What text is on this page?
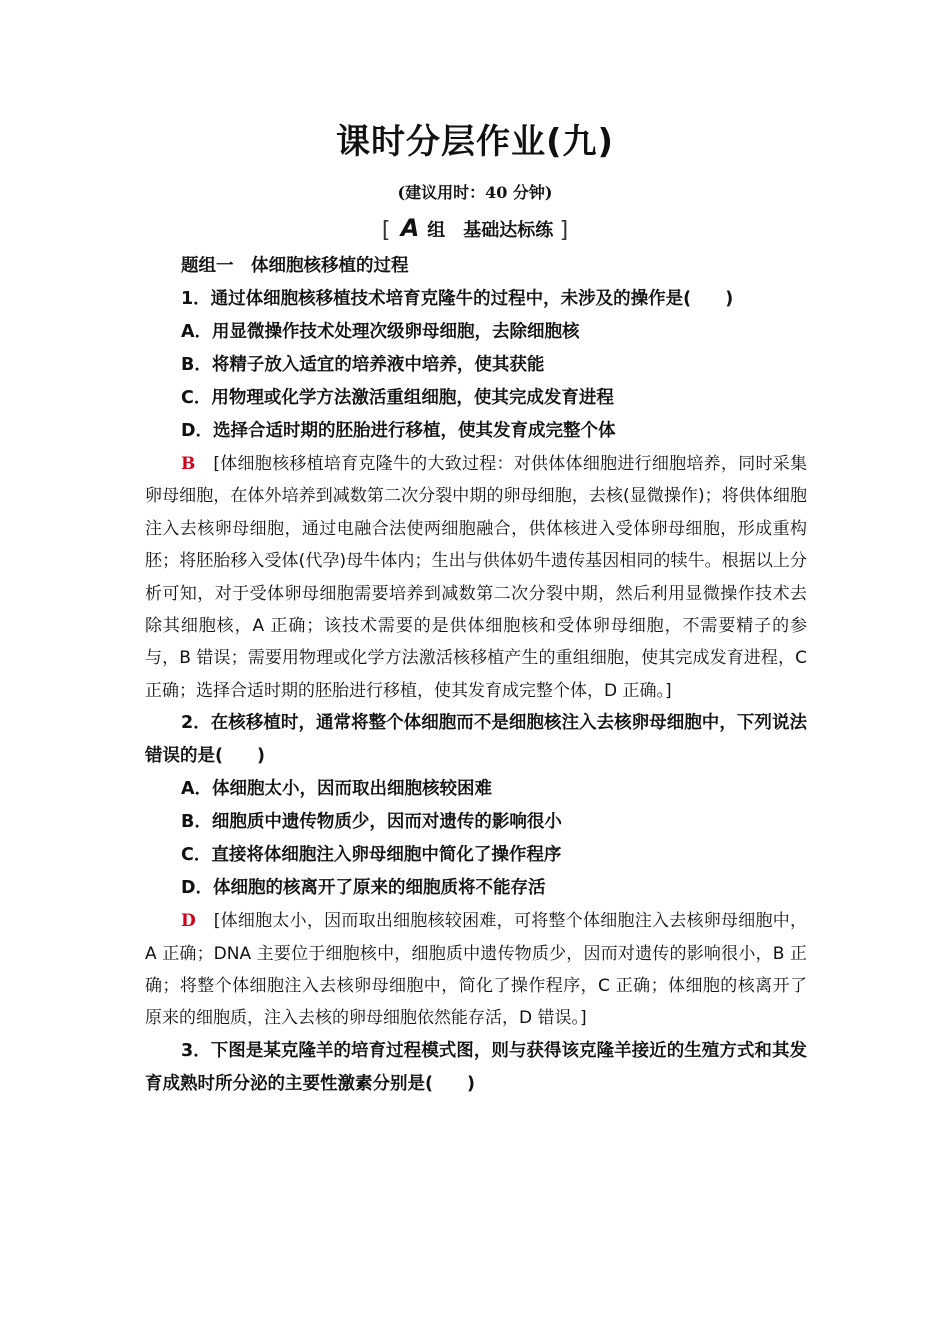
课时分层作业(九)
(建议用时：40 分钟)
[ A 组　基础达标练 ]
题组一　体细胞核移植的过程
1．通过体细胞核移植技术培育克隆牛的过程中，未涉及的操作是( )
A．用显微操作技术处理次级卵母细胞，去除细胞核
B．将精子放入适宜的培养液中培养，使其获能
C．用物理或化学方法激活重组细胞，使其完成发育进程
D．选择合适时期的胚胎进行移植，使其发育成完整个体
B [体细胞核移植培育克隆牛的大致过程：对供体体细胞进行细胞培养，同时采集卵母细胞，在体外培养到减数第二次分裂中期的卵母细胞，去核(显微操作)；将供体细胞注入去核卵母细胞，通过电融合法使两细胞融合，供体核进入受体卵母细胞，形成重构胚；将胚胎移入受体(代孕)母牛体内；生出与供体奶牛遗传基因相同的犊牛。根据以上分析可知，对于受体卵母细胞需要培养到减数第二次分裂中期，然后利用显微操作技术去除其细胞核，A 正确；该技术需要的是供体细胞核和受体卵母细胞，不需要精子的参与，B 错误；需要用物理或化学方法激活核移植产生的重组细胞，使其完成发育进程，C 正确；选择合适时期的胚胎进行移植，使其发育成完整个体，D 正确。]
2．在核移植时，通常将整个体细胞而不是细胞核注入去核卵母细胞中，下列说法错误的是( )
A．体细胞太小，因而取出细胞核较困难
B．细胞质中遗传物质少，因而对遗传的影响很小
C．直接将体细胞注入卵母细胞中简化了操作程序
D．体细胞的核离开了原来的细胞质将不能存活
D [体细胞太小，因而取出细胞核较困难，可将整个体细胞注入去核卵母细胞中，A 正确；DNA 主要位于细胞核中，细胞质中遗传物质少，因而对遗传的影响很小，B 正确；将整个体细胞注入去核卵母细胞中，简化了操作程序，C 正确；体细胞的核离开了原来的细胞质，注入去核的卵母细胞依然能存活，D 错误。]
3．下图是某克隆羊的培育过程模式图，则与获得该克隆羊接近的生殖方式和其发育成熟时所分泌的主要性激素分别是( )
